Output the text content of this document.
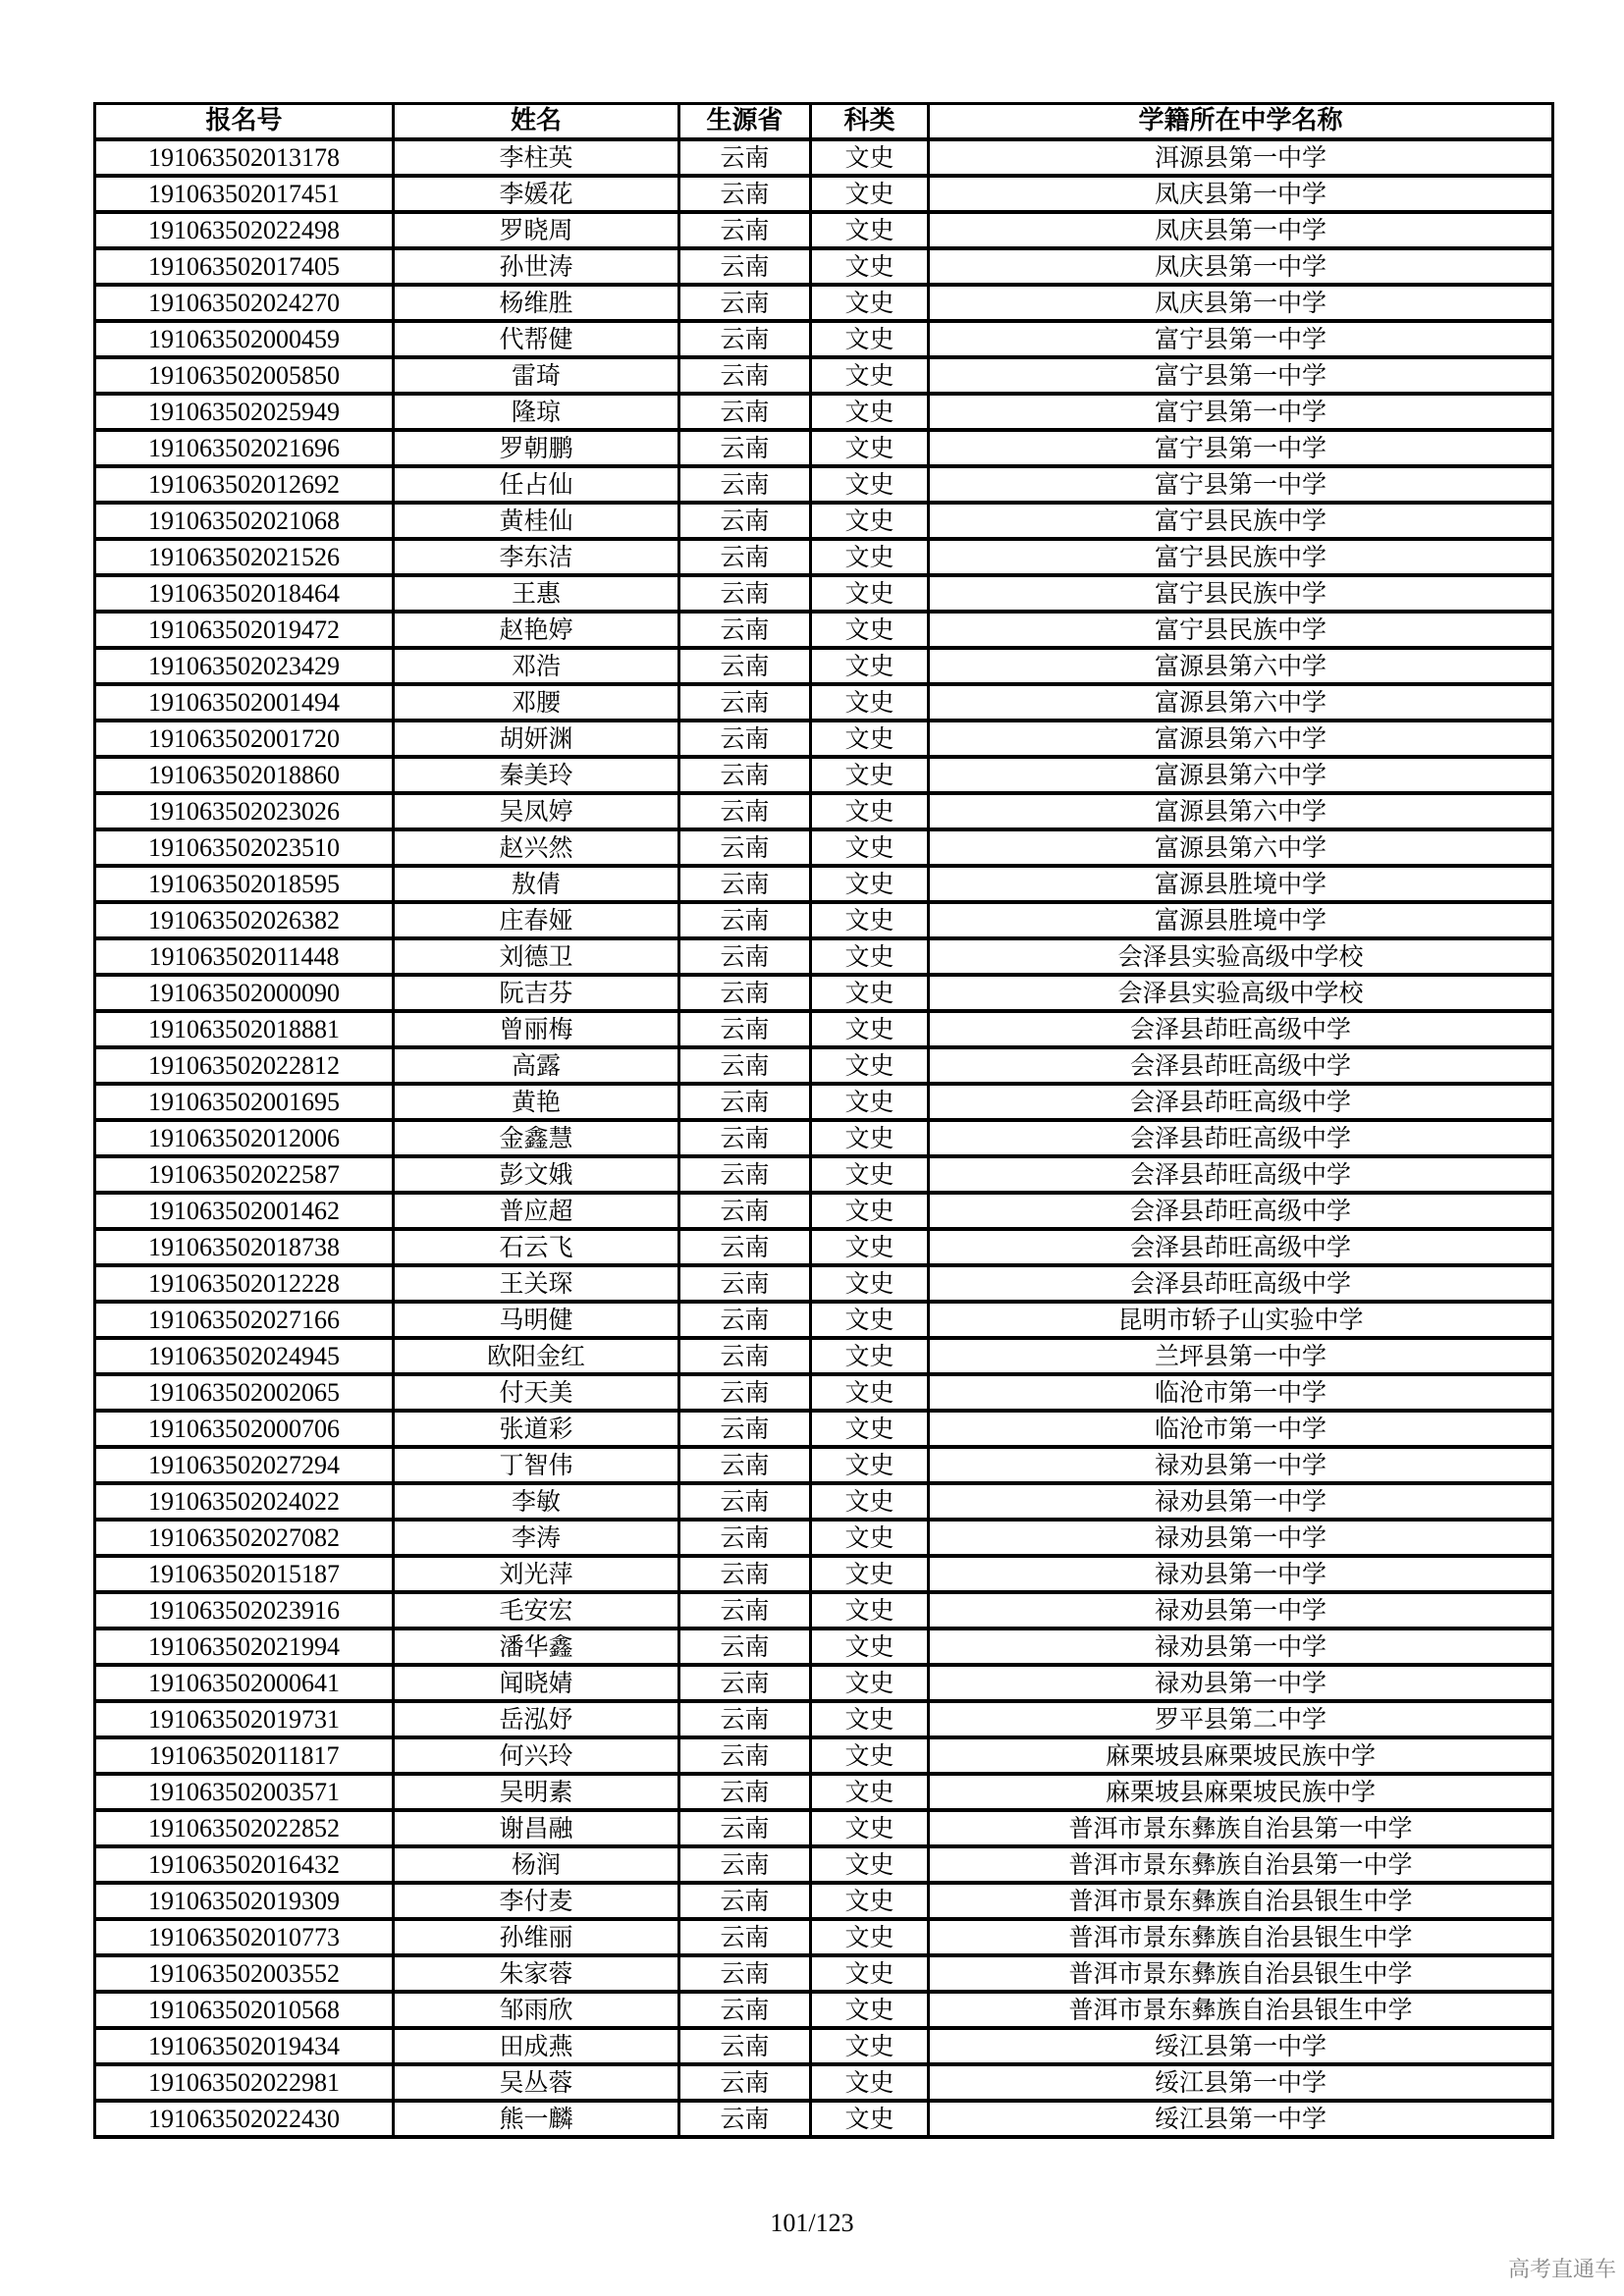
报名号	姓名	生源省	科类	学籍所在中学名称
191063502013178	李柱英	云南	文史	洱源县第一中学
191063502017451	李媛花	云南	文史	凤庆县第一中学
191063502022498	罗晓周	云南	文史	凤庆县第一中学
191063502017405	孙世涛	云南	文史	凤庆县第一中学
191063502024270	杨维胜	云南	文史	凤庆县第一中学
191063502000459	代帮健	云南	文史	富宁县第一中学
191063502005850	雷琦	云南	文史	富宁县第一中学
191063502025949	隆琼	云南	文史	富宁县第一中学
191063502021696	罗朝鹏	云南	文史	富宁县第一中学
191063502012692	任占仙	云南	文史	富宁县第一中学
191063502021068	黄桂仙	云南	文史	富宁县民族中学
191063502021526	李东洁	云南	文史	富宁县民族中学
191063502018464	王惠	云南	文史	富宁县民族中学
191063502019472	赵艳婷	云南	文史	富宁县民族中学
191063502023429	邓浩	云南	文史	富源县第六中学
191063502001494	邓腰	云南	文史	富源县第六中学
191063502001720	胡妍渊	云南	文史	富源县第六中学
191063502018860	秦美玲	云南	文史	富源县第六中学
191063502023026	吴凤婷	云南	文史	富源县第六中学
191063502023510	赵兴然	云南	文史	富源县第六中学
191063502018595	敖倩	云南	文史	富源县胜境中学
191063502026382	庄春娅	云南	文史	富源县胜境中学
191063502011448	刘德卫	云南	文史	会泽县实验高级中学校
191063502000090	阮吉芬	云南	文史	会泽县实验高级中学校
191063502018881	曾丽梅	云南	文史	会泽县茚旺高级中学
191063502022812	高露	云南	文史	会泽县茚旺高级中学
191063502001695	黄艳	云南	文史	会泽县茚旺高级中学
191063502012006	金鑫慧	云南	文史	会泽县茚旺高级中学
191063502022587	彭文娥	云南	文史	会泽县茚旺高级中学
191063502001462	普应超	云南	文史	会泽县茚旺高级中学
191063502018738	石云飞	云南	文史	会泽县茚旺高级中学
191063502012228	王关琛	云南	文史	会泽县茚旺高级中学
191063502027166	马明健	云南	文史	昆明市轿子山实验中学
191063502024945	欧阳金红	云南	文史	兰坪县第一中学
191063502002065	付天美	云南	文史	临沧市第一中学
191063502000706	张道彩	云南	文史	临沧市第一中学
191063502027294	丁智伟	云南	文史	禄劝县第一中学
191063502024022	李敏	云南	文史	禄劝县第一中学
191063502027082	李涛	云南	文史	禄劝县第一中学
191063502015187	刘光萍	云南	文史	禄劝县第一中学
191063502023916	毛安宏	云南	文史	禄劝县第一中学
191063502021994	潘华鑫	云南	文史	禄劝县第一中学
191063502000641	闻晓婧	云南	文史	禄劝县第一中学
191063502019731	岳泓妤	云南	文史	罗平县第二中学
191063502011817	何兴玲	云南	文史	麻栗坡县麻栗坡民族中学
191063502003571	吴明素	云南	文史	麻栗坡县麻栗坡民族中学
191063502022852	谢昌融	云南	文史	普洱市景东彝族自治县第一中学
191063502016432	杨润	云南	文史	普洱市景东彝族自治县第一中学
191063502019309	李付麦	云南	文史	普洱市景东彝族自治县银生中学
191063502010773	孙维丽	云南	文史	普洱市景东彝族自治县银生中学
191063502003552	朱家蓉	云南	文史	普洱市景东彝族自治县银生中学
191063502010568	邹雨欣	云南	文史	普洱市景东彝族自治县银生中学
191063502019434	田成燕	云南	文史	绥江县第一中学
191063502022981	吴丛蓉	云南	文史	绥江县第一中学
191063502022430	熊一麟	云南	文史	绥江县第一中学
101/123
高考直通车
